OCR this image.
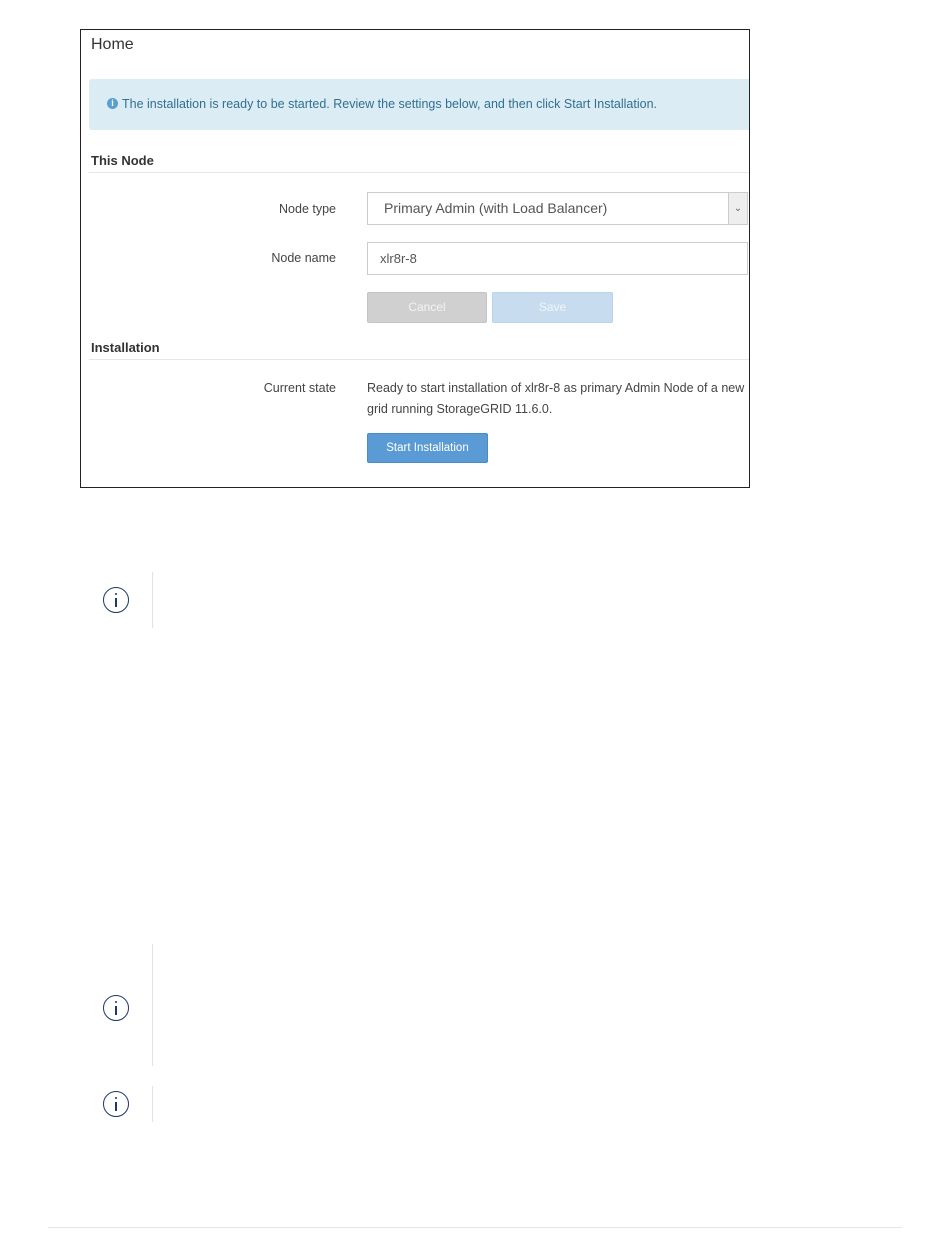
Home
i The installation is ready to be started. Review the settings below, and then click Start Installation.
This Node
Node type	Primary Admin (with Load Balancer)	⌄
Node name	xlr8r-8
Cancel	Save
Installation
Current state Ready to start installation of xlr8r-8 as primary Admin Node of a new grid running StorageGRID 11.6.0.
Start Installation
